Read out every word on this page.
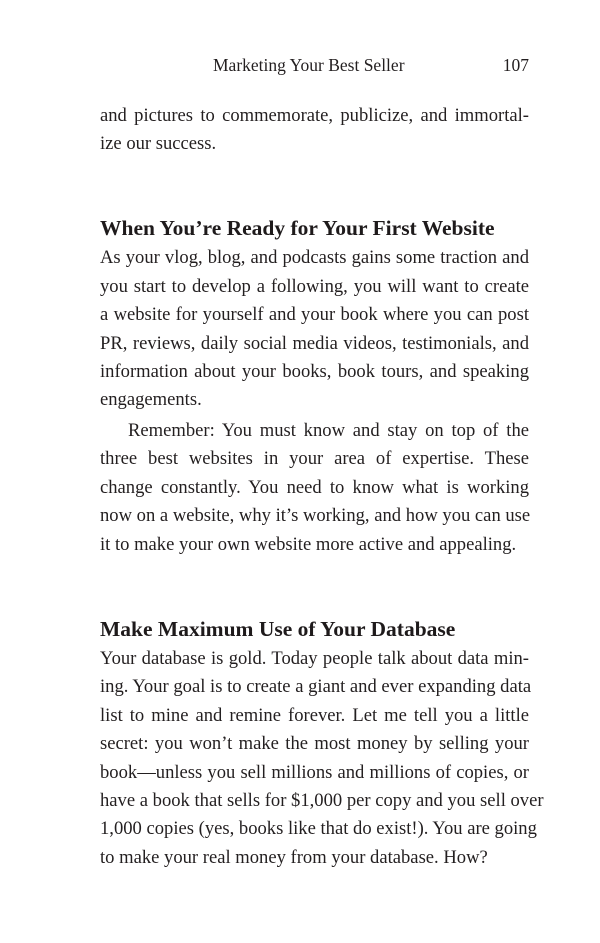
Marketing Your Best Seller	107
and pictures to commemorate, publicize, and immortal-
ize our success.
When You’re Ready for Your First Website
As your vlog, blog, and podcasts gains some traction and
you start to develop a following, you will want to create
a website for yourself and your book where you can post
PR, reviews, daily social media videos, testimonials, and
information about your books, book tours, and speaking
engagements.
Remember: You must know and stay on top of the
three best websites in your area of expertise. These
change constantly. You need to know what is working
now on a website, why it’s working, and how you can use
it to make your own website more active and appealing.
Make Maximum Use of Your Database
Your database is gold. Today people talk about data min-
ing. Your goal is to create a giant and ever expanding data
list to mine and remine forever. Let me tell you a little
secret: you won’t make the most money by selling your
book—unless you sell millions and millions of copies, or
have a book that sells for $1,000 per copy and you sell over
1,000 copies (yes, books like that do exist!). You are going
to make your real money from your database. How?
